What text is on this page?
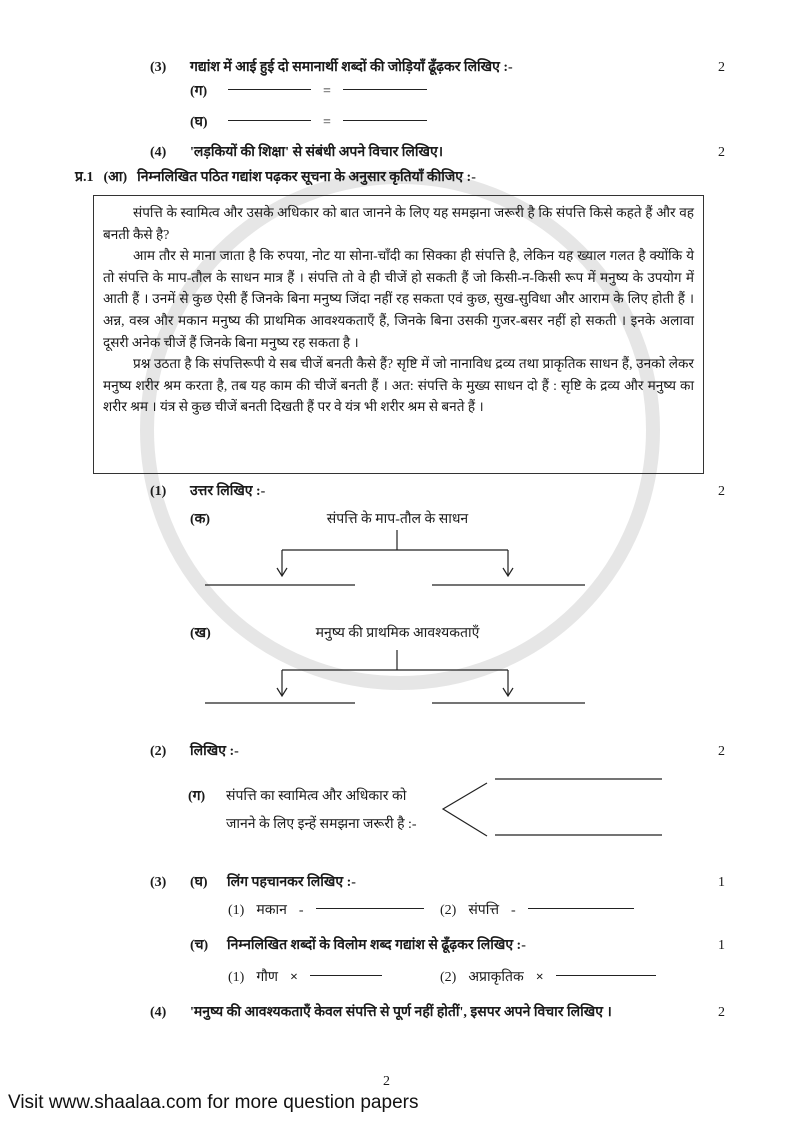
(3)	गद्यांश में आई हुई दो समानार्थी शब्दों की जोड़ियाँ ढूँढ़कर लिखिए :-	2
(ग)	=
(घ)	=
(4)	'लड़कियों की शिक्षा' से संबंधी अपने विचार लिखिए।	2
प्र.1 (आ) निम्नलिखित पठित गद्यांश पढ़कर सूचना के अनुसार कृतियाँ कीजिए :-

संपत्ति के स्वामित्व और उसके अधिकार को बात जानने के लिए यह समझना जरूरी है कि संपत्ति किसे कहते हैं और वह बनती कैसे है?

आम तौर से माना जाता है कि रुपया, नोट या सोना-चाँदी का सिक्का ही संपत्ति है, लेकिन यह ख्याल गलत है क्योंकि ये तो संपत्ति के माप-तौल के साधन मात्र हैं । संपत्ति तो वे ही चीजें हो सकती हैं जो किसी-न-किसी रूप में मनुष्य के उपयोग में आती हैं । उनमें से कुछ ऐसी हैं जिनके बिना मनुष्य जिंदा नहीं रह सकता एवं कुछ, सुख-सुविधा और आराम के लिए होती हैं । अन्न, वस्त्र और मकान मनुष्य की प्राथमिक आवश्यकताएँ हैं, जिनके बिना उसकी गुजर-बसर नहीं हो सकती । इनके अलावा दूसरी अनेक चीजें हैं जिनके बिना मनुष्य रह सकता है ।

प्रश्न उठता है कि संपत्तिरूपी ये सब चीजें बनती कैसे हैं? सृष्टि में जो नानाविध द्रव्य तथा प्राकृतिक साधन हैं, उनको लेकर मनुष्य शरीर श्रम करता है, तब यह काम की चीजें बनती हैं । अत: संपत्ति के मुख्य साधन दो हैं : सृष्टि के द्रव्य और मनुष्य का शरीर श्रम । यंत्र से कुछ चीजें बनती दिखती हैं पर वे यंत्र भी शरीर श्रम से बनते हैं ।

(1)	उत्तर लिखिए :-	2
(क)	संपत्ति के माप-तौल के साधन
(ख)	मनुष्य की प्राथमिक आवश्यकताएँ
(2)	लिखिए :-	2
(ग) संपत्ति का स्वामित्व और अधिकार को
जानने के लिए इन्हें समझना जरूरी है :-
(3)	(घ)	लिंग पहचानकर लिखिए :-	1
(1) मकान -	(2) संपत्ति -
(च)	निम्नलिखित शब्दों के विलोम शब्द गद्यांश से ढूँढ़कर लिखिए :-	1
(1) गौण ×	(2) अप्राकृतिक ×
(4)	'मनुष्य की आवश्यकताएँ केवल संपत्ति से पूर्ण नहीं होतीं', इसपर अपने विचार लिखिए ।	2
2
Visit www.shaalaa.com for more question papers
